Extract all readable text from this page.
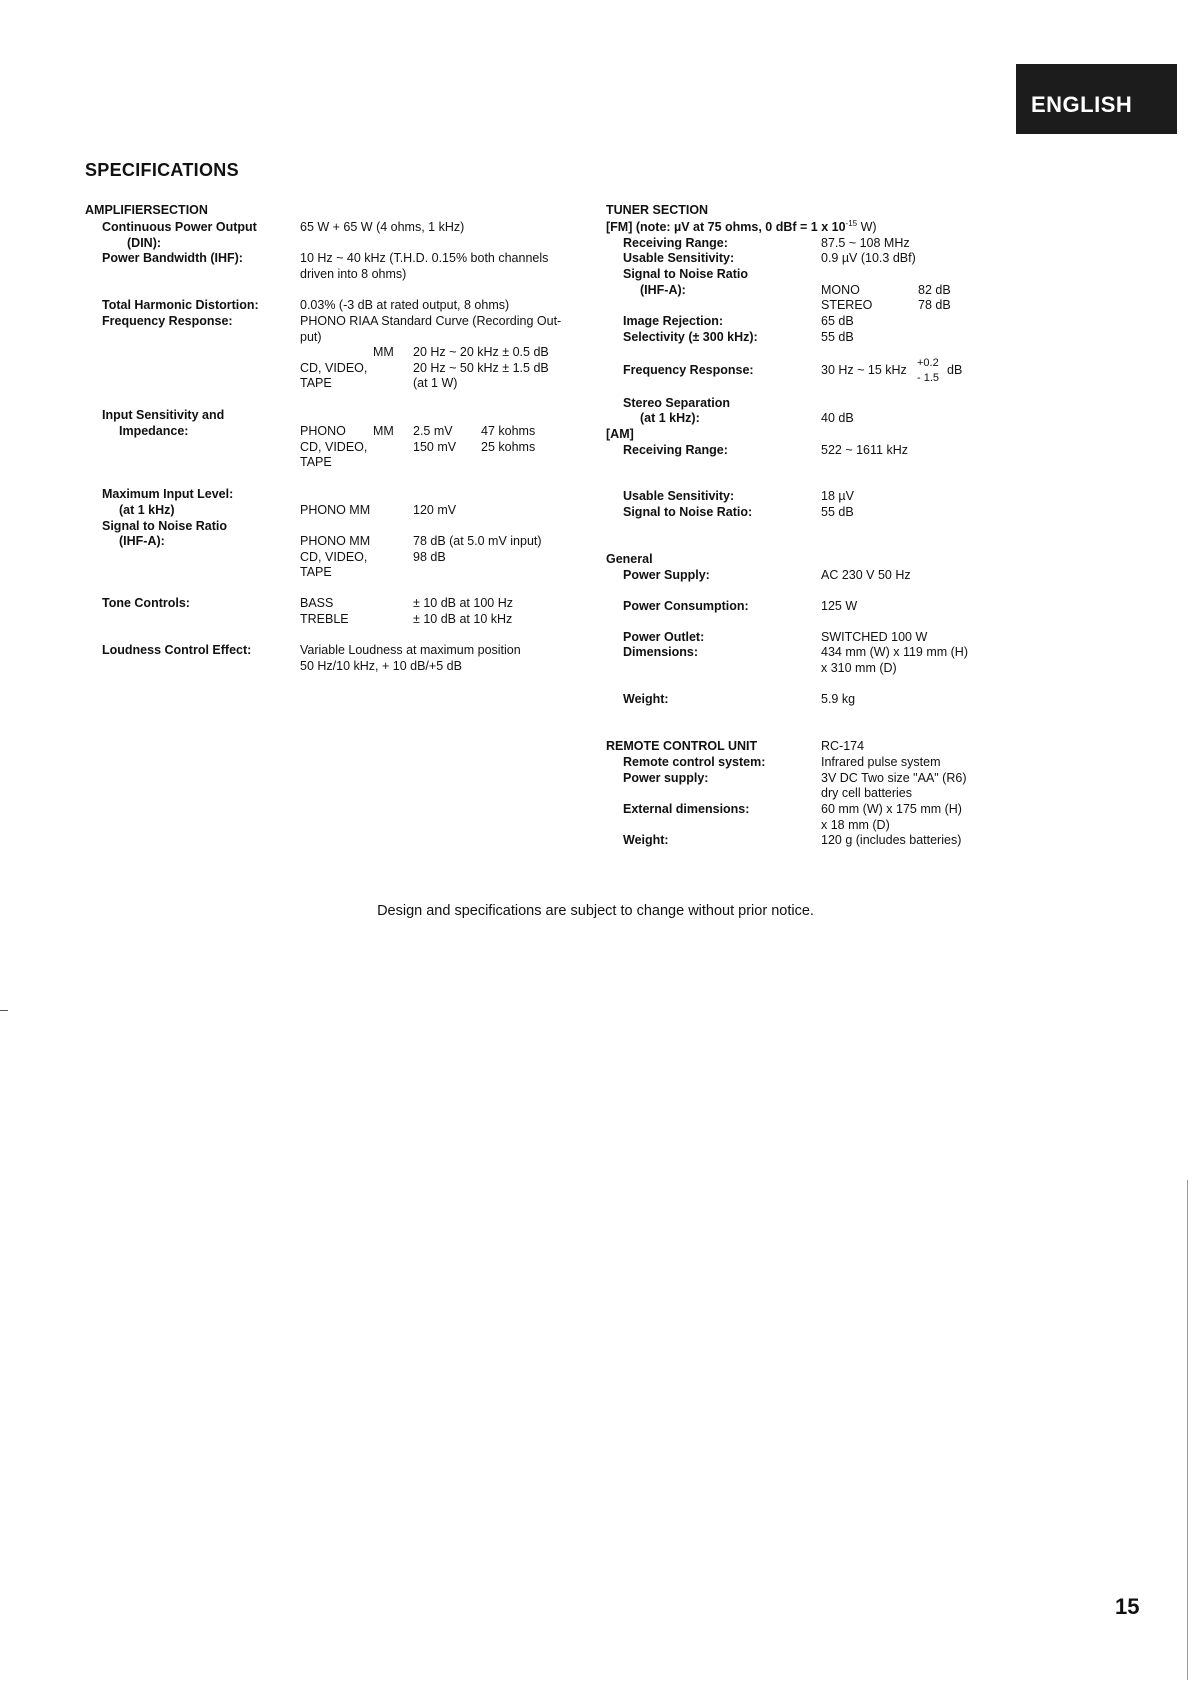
ENGLISH
SPECIFICATIONS
AMPLIFIERSECTION
Continuous Power Output
(DIN):
65 W + 65 W (4 ohms, 1 kHz)
Power Bandwidth (IHF):	10 Hz ~ 40 kHz (T.H.D. 0.15% both channels
driven into 8 ohms)
Total Harmonic Distortion:	0.03% (-3 dB at rated output, 8 ohms)
Frequency Response:	PHONO RIAA Standard Curve (Recording Out-
put)
MM 20 Hz ~ 20 kHz ± 0.5 dB
CD, VIDEO,	20 Hz ~ 50 kHz ± 1.5 dB
TAPE	(at 1 W)
Input Sensitivity and
Impedance:	PHONO MM 2.5 mV 47 kohms
CD, VIDEO,	150 mV 25 kohms
TAPE
Maximum Input Level:
(at 1 kHz)	PHONO MM	120 mV
Signal to Noise Ratio
(IHF-A):	PHONO MM	78 dB (at 5.0 mV input)
CD, VIDEO,	98 dB
TAPE
Tone Controls:	BASS	± 10 dB at 100 Hz
TREBLE	± 10 dB at 10 kHz
Loudness Control Effect:	Variable Loudness at maximum position
50 Hz/10 kHz, + 10 dB/+5 dB
TUNER SECTION
[FM] (note: µV at 75 ohms, 0 dBf = 1 x $10^{-15}$ W)
Receiving Range:	87.5 ~ 108 MHz
Usable Sensitivity:	0.9 µV (10.3 dBf)
Signal to Noise Ratio
(IHF-A):	MONO	82 dB
STEREO	78 dB
Image Rejection:	65 dB
Selectivity (± 300 kHz):	55 dB
Frequency Response:	30 Hz ~ 15 kHz +0.2
- 1.5
dB
Stereo Separation
(at 1 kHz):	40 dB
[AM]
Receiving Range:	522 ~ 1611 kHz
Usable Sensitivity:	18 µV
Signal to Noise Ratio:	55 dB
General
Power Supply:	AC 230 V 50 Hz
Power Consumption:	125 W
Power Outlet:	SWITCHED 100 W
Dimensions:	434 mm (W) x 119 mm (H)
x 310 mm (D)
Weight:	5.9 kg
REMOTE CONTROL UNIT	RC-174
Remote control system:	Infrared pulse system
Power supply:	3V DC Two size "AA" (R6)
dry cell batteries
External dimensions:	60 mm (W) x 175 mm (H)
x 18 mm (D)
Weight:	120 g (includes batteries)
Design and specifications are subject to change without prior notice.
15
